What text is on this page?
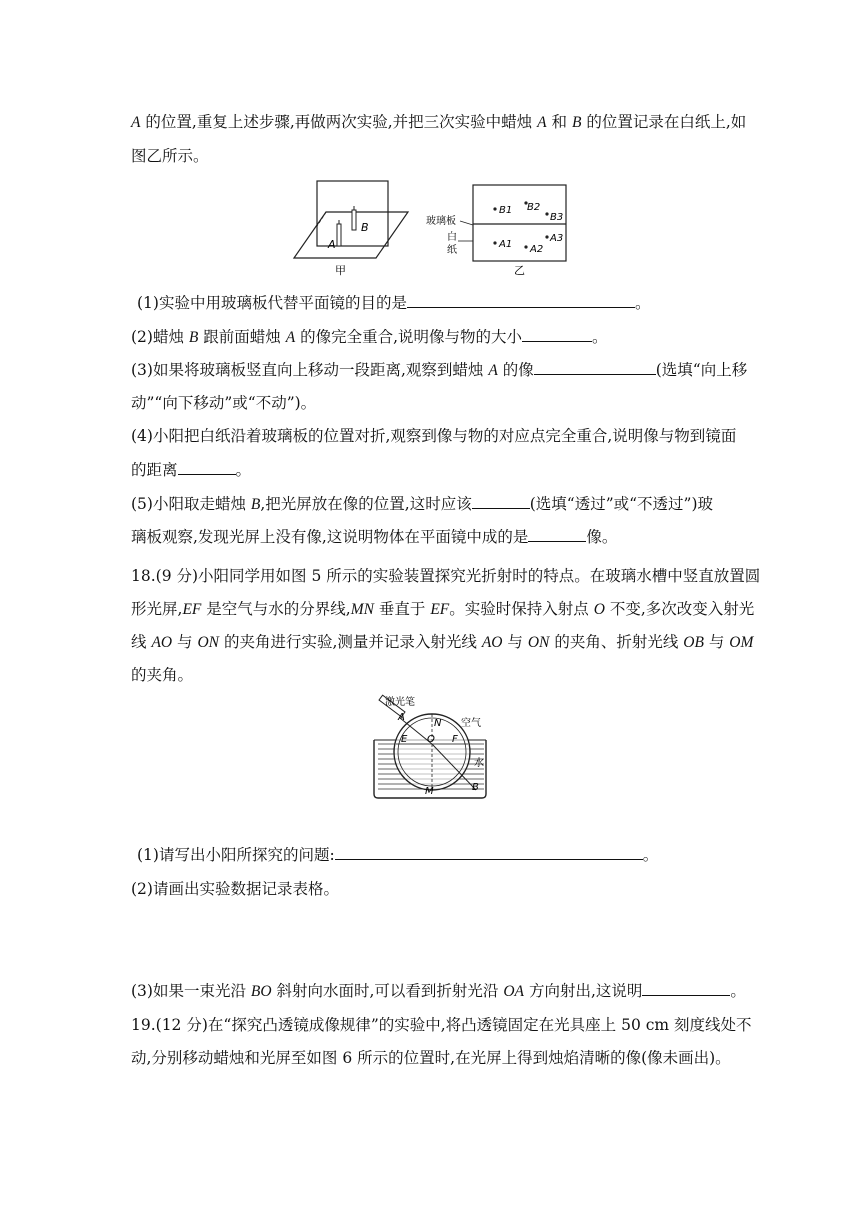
A 的位置,重复上述步骤,再做两次实验,并把三次实验中蜡烛 A 和 B 的位置记录在白纸上,如
图乙所示。
A
B
甲
玻璃板
白
纸
B1 B2
B3
A1 A2
A3
乙
(1)实验中用玻璃板代替平面镜的目的是	。
(2)蜡烛 B 跟前面蜡烛 A 的像完全重合,说明像与物的大小	。
(3)如果将玻璃板竖直向上移动一段距离,观察到蜡烛 A 的像	(选填“向上移
动”“向下移动”或“不动”)。
(4)小阳把白纸沿着玻璃板的位置对折,观察到像与物的对应点完全重合,说明像与物到镜面
的距离	。
(5)小阳取走蜡烛 B,把光屏放在像的位置,这时应该	(选填“透过”或“不透过”)玻
璃板观察,发现光屏上没有像,这说明物体在平面镜中成的是	像。
18.(9 分)小阳同学用如图 5 所示的实验装置探究光折射时的特点。在玻璃水槽中竖直放置圆
形光屏,EF 是空气与水的分界线,MN 垂直于 EF。实验时保持入射点 O 不变,多次改变入射光
线 AO 与 ON 的夹角进行实验,测量并记录入射光线 AO 与 ON 的夹角、折射光线 OB 与 OM
的夹角。
激光笔
空气
水
A
N
E O F
M	B
(1)请写出小阳所探究的问题:	。
(2)请画出实验数据记录表格。
(3)如果一束光沿 BO 斜射向水面时,可以看到折射光沿 OA 方向射出,这说明	。
19.(12 分)在“探究凸透镜成像规律”的实验中,将凸透镜固定在光具座上 50 cm 刻度线处不
动,分别移动蜡烛和光屏至如图 6 所示的位置时,在光屏上得到烛焰清晰的像(像未画出)。
